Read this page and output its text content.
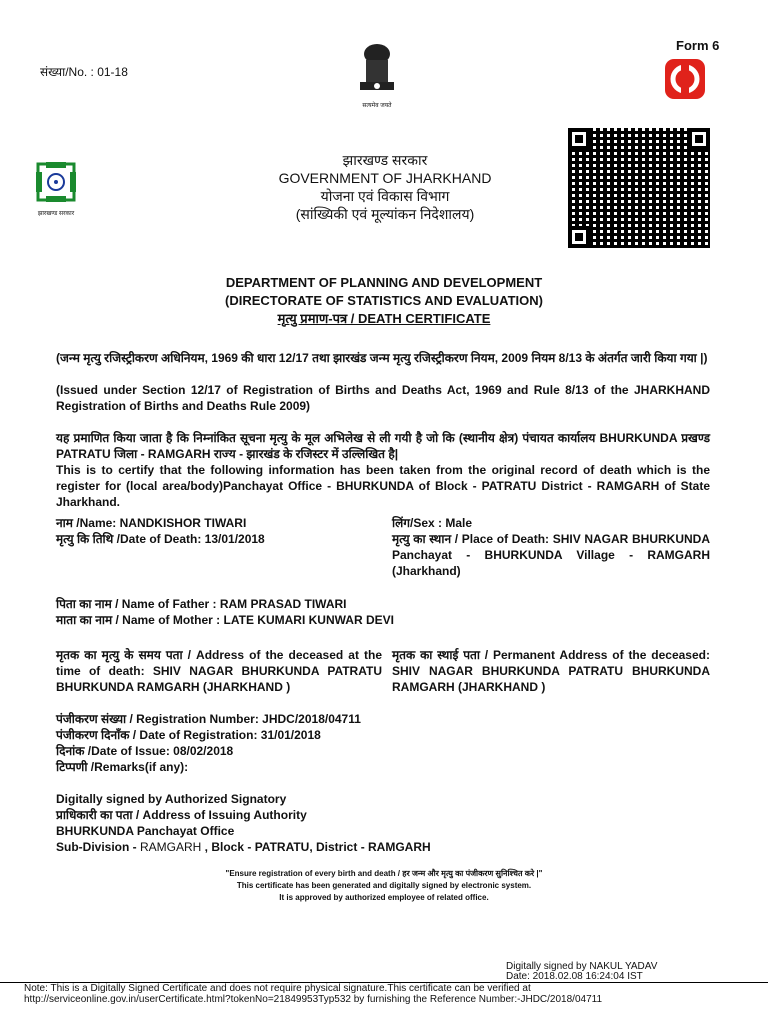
संख्या/No. : 01-18
सत्यमेव जयते
Form 6
झारखण्ड सरकार
झारखण्ड सरकार
GOVERNMENT OF JHARKHAND
योजना एवं विकास विभाग
(सांख्यिकी एवं मूल्यांकन निदेशालय)
DEPARTMENT OF PLANNING AND DEVELOPMENT
(DIRECTORATE OF STATISTICS AND EVALUATION)
मृत्यु प्रमाण-पत्र / DEATH CERTIFICATE
(जन्म मृत्यु रजिस्ट्रीकरण अधिनियम, 1969 की धारा 12/17 तथा झारखंड जन्म मृत्यु रजिस्ट्रीकरण नियम, 2009 नियम 8/13 के अंतर्गत जारी किया गया |)
(Issued under Section 12/17 of Registration of Births and Deaths Act, 1969 and Rule 8/13 of the JHARKHAND Registration of Births and Deaths Rule 2009)
यह प्रमाणित किया जाता है कि निम्नांकित सूचना मृत्यु के मूल अभिलेख से ली गयी है जो कि (स्थानीय क्षेत्र) पंचायत कार्यालय BHURKUNDA प्रखण्ड PATRATU जिला - RAMGARH राज्य - झारखंड के रजिस्टर में उल्लिखित है|
This is to certify that the following information has been taken from the original record of death which is the register for (local area/body)Panchayat Office - BHURKUNDA of Block - PATRATU District - RAMGARH of State Jharkhand.
नाम /Name: NANDKISHOR TIWARI
मृत्यु कि तिथि /Date of Death: 13/01/2018
लिंग/Sex : Male
मृत्यु का स्थान / Place of Death: SHIV NAGAR BHURKUNDA Panchayat - BHURKUNDA Village - RAMGARH (Jharkhand)
पिता का नाम / Name of Father : RAM PRASAD TIWARI
माता का नाम / Name of Mother : LATE KUMARI KUNWAR DEVI
मृतक का मृत्यु के समय पता / Address of the deceased at the time of death: SHIV NAGAR BHURKUNDA PATRATU BHURKUNDA RAMGARH (JHARKHAND )
मृतक का स्थाई पता / Permanent Address of the deceased: SHIV NAGAR BHURKUNDA PATRATU BHURKUNDA RAMGARH (JHARKHAND )
पंजीकरण संख्या / Registration Number: JHDC/2018/04711
पंजीकरण दिनाँक / Date of Registration: 31/01/2018
दिनांक /Date of Issue: 08/02/2018
टिप्पणी /Remarks(if any):
Digitally signed by Authorized Signatory
प्राधिकारी का पता / Address of Issuing Authority
BHURKUNDA Panchayat Office
Sub-Division - RAMGARH , Block - PATRATU, District - RAMGARH
"Ensure registration of every birth and death / हर जन्म और मृत्यु का पंजीकरण सुनिश्चित करे |"
This certificate has been generated and digitally signed by electronic system.
It is approved by authorized employee of related office.
Digitally signed by NAKUL YADAV
Date: 2018.02.08 16:24:04 IST
Note: This is a Digitally Signed Certificate and does not require physical signature.This certificate can be verified at
http://serviceonline.gov.in/userCertificate.html?tokenNo=21849953Typ532 by furnishing the Reference Number:-JHDC/2018/04711
